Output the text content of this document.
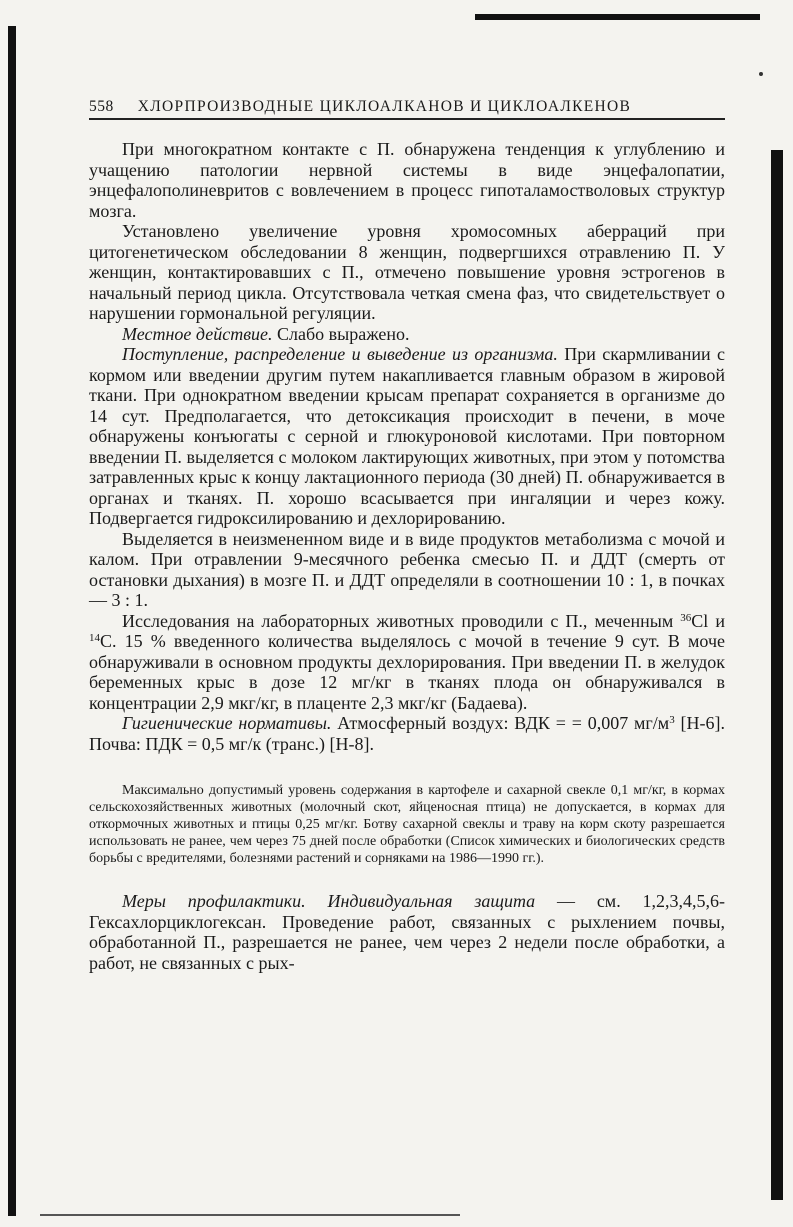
558 ХЛОРПРОИЗВОДНЫЕ ЦИКЛОАЛКАНОВ И ЦИКЛОАЛКЕНОВ

При многократном контакте с П. обнаружена тенденция к углублению и учащению патологии нервной системы в виде энцефалопатии, энцефалополиневритов с вовлечением в процесс гипоталамостволовых структур мозга.

Установлено увеличение уровня хромосомных аберраций при цитогенетическом обследовании 8 женщин, подвергшихся отравлению П. У женщин, контактировавших с П., отмечено повышение уровня эстрогенов в начальный период цикла. Отсутствовала четкая смена фаз, что свидетельствует о нарушении гормональной регуляции.

Местное действие. Слабо выражено.

Поступление, распределение и выведение из организма. При скармливании с кормом или введении другим путем накапливается главным образом в жировой ткани. При однократном введении крысам препарат сохраняется в организме до 14 сут. Предполагается, что детоксикация происходит в печени, в моче обнаружены конъюгаты с серной и глюкуроновой кислотами. При повторном введении П. выделяется с молоком лактирующих животных, при этом у потомства затравленных крыс к концу лактационного периода (30 дней) П. обнаруживается в органах и тканях. П. хорошо всасывается при ингаляции и через кожу. Подвергается гидроксилированию и дехлорированию.

Выделяется в неизмененном виде и в виде продуктов метаболизма с мочой и калом. При отравлении 9-месячного ребенка смесью П. и ДДТ (смерть от остановки дыхания) в мозге П. и ДДТ определяли в соотношении 10 : 1, в почках — 3 : 1.

Исследования на лабораторных животных проводили с П., меченным $^{36}$Cl и $^{14}$С. 15 % введенного количества выделялось с мочой в течение 9 сут. В моче обнаруживали в основном продукты дехлорирования. При введении П. в желудок беременных крыс в дозе 12 мг/кг в тканях плода он обнаруживался в концентрации 2,9 мкг/кг, в плаценте 2,3 мкг/кг (Бадаева).

Гигиенические нормативы. Атмосферный воздух: ВДК = = 0,007 $мг/м^3$ [Н-6]. Почва: ПДК = 0,5 мг/к (транс.) [Н-8].

Максимально допустимый уровень содержания в картофеле и сахарной свекле 0,1 мг/кг, в кормах сельскохозяйственных животных (молочный скот, яйценосная птица) не допускается, в кормах для откормочных животных и птицы 0,25 мг/кг. Ботву сахарной свеклы и траву на корм скоту разрешается использовать не ранее, чем через 75 дней после обработки (Список химических и биологических средств борьбы с вредителями, болезнями растений и сорняками на 1986—1990 гг.).

Меры профилактики. Индивидуальная защита — см. 1,2,3,4,5,6-Гексахлорциклогексан. Проведение работ, связанных с рыхлением почвы, обработанной П., разрешается не ранее, чем через 2 недели после обработки, а работ, не связанных с рых-
